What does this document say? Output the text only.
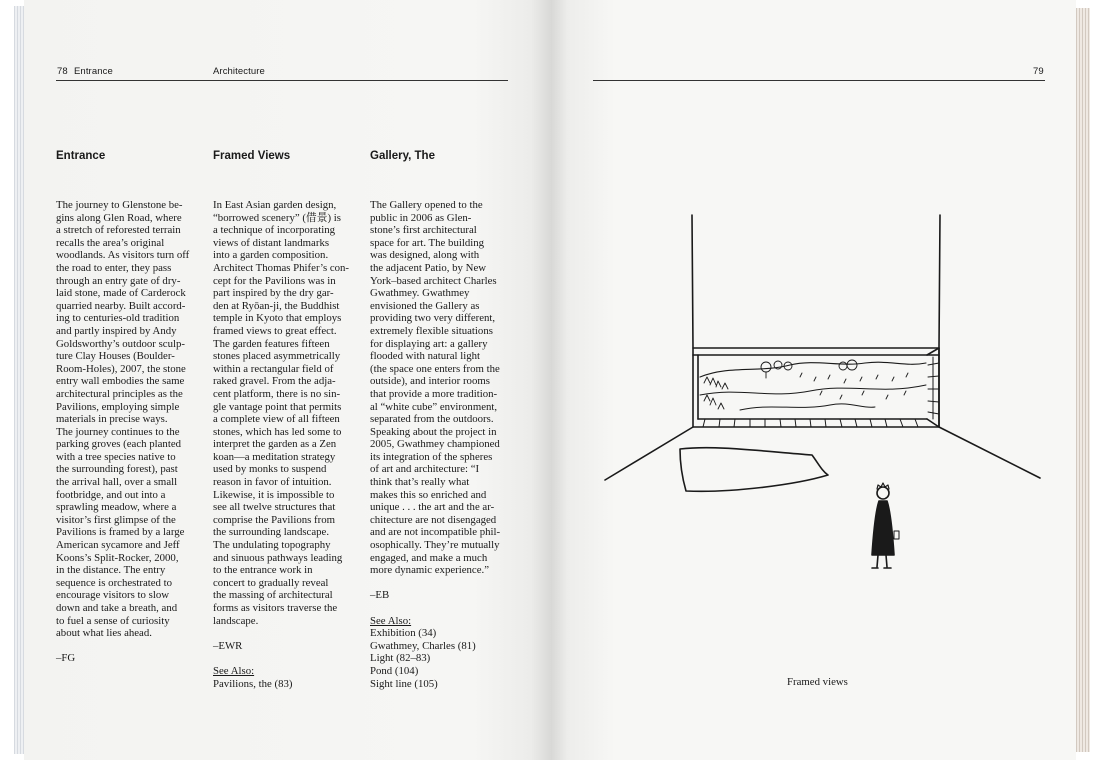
78 Entrance	Architecture	79
Entrance	Framed Views	Gallery, The
The journey to Glenstone be-
gins along Glen Road, where
a stretch of reforested terrain
recalls the area’s original
woodlands. As visitors turn off
the road to enter, they pass
through an entry gate of dry-
laid stone, made of Carderock
quarried nearby. Built accord-
ing to centuries-old tradition
and partly inspired by Andy
Goldsworthy’s outdoor sculp-
ture Clay Houses (Boulder-
Room-Holes), 2007, the stone
entry wall embodies the same
architectural principles as the
Pavilions, employing simple
materials in precise ways.
The journey continues to the
parking groves (each planted
with a tree species native to
the surrounding forest), past
the arrival hall, over a small
footbridge, and out into a
sprawling meadow, where a
visitor’s first glimpse of the
Pavilions is framed by a large
American sycamore and Jeff
Koons’s Split-Rocker, 2000,
in the distance. The entry
sequence is orchestrated to
encourage visitors to slow
down and take a breath, and
to fuel a sense of curiosity
about what lies ahead.

–FG
In East Asian garden design,
“borrowed scenery” (借景) is
a technique of incorporating
views of distant landmarks
into a garden composition.
Architect Thomas Phifer’s con-
cept for the Pavilions was in
part inspired by the dry gar-
den at Ryōan-ji, the Buddhist
temple in Kyoto that employs
framed views to great effect.
The garden features fifteen
stones placed asymmetrically
within a rectangular field of
raked gravel. From the adja-
cent platform, there is no sin-
gle vantage point that permits
a complete view of all fifteen
stones, which has led some to
interpret the garden as a Zen
koan—a meditation strategy
used by monks to suspend
reason in favor of intuition.
Likewise, it is impossible to
see all twelve structures that
comprise the Pavilions from
the surrounding landscape.
The undulating topography
and sinuous pathways leading
to the entrance work in
concert to gradually reveal
the massing of architectural
forms as visitors traverse the
landscape.

–EWR

See Also:
Pavilions, the (83)
The Gallery opened to the
public in 2006 as Glen-
stone’s first architectural
space for art. The building
was designed, along with
the adjacent Patio, by New
York–based architect Charles
Gwathmey. Gwathmey
envisioned the Gallery as
providing two very different,
extremely flexible situations
for displaying art: a gallery
flooded with natural light
(the space one enters from the
outside), and interior rooms
that provide a more tradition-
al “white cube” environment,
separated from the outdoors.
Speaking about the project in
2005, Gwathmey championed
its integration of the spheres
of art and architecture: “I
think that’s really what
makes this so enriched and
unique . . . the art and the ar-
chitecture are not disengaged
and are not incompatible phil-
osophically. They’re mutually
engaged, and make a much
more dynamic experience.”

–EB

See Also:
Exhibition (34)
Gwathmey, Charles (81)
Light (82–83)
Pond (104)
Sight line (105)	Framed views
